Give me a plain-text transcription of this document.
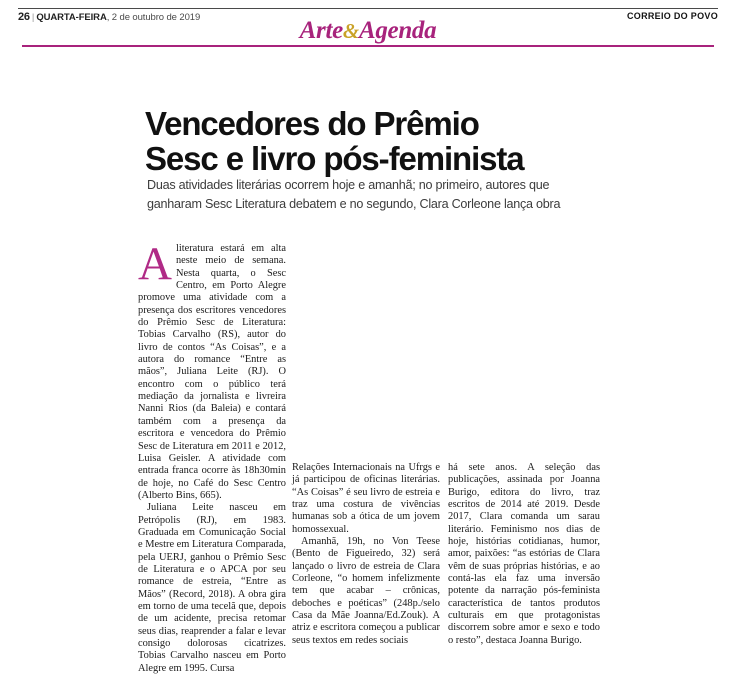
26 | QUARTA-FEIRA, 2 de outubro de 2019	CORREIO DO POVO
Arte&Agenda
Vencedores do Prêmio
Sesc e livro pós-feminista
Duas atividades literárias ocorrem hoje e amanhã; no primeiro, autores que
ganharam Sesc Literatura debatem e no segundo, Clara Corleone lança obra

Aliteratura estará em alta neste meio de semana. Nesta quarta, o Sesc Centro, em Porto Alegre promove uma atividade com a presença dos escritores vencedores do Prêmio Sesc de Literatura: Tobias Carvalho (RS), autor do livro de contos “As Coisas”, e a autora do romance “Entre as mãos”, Juliana Leite (RJ). O encontro com o público terá mediação da jornalista e livreira Nanni Rios (da Baleia) e contará também com a presença da escritora e vencedora do Prêmio Sesc de Literatura em 2011 e 2012, Luisa Geisler. A atividade com entrada franca ocorre às 18h30min de hoje, no Café do Sesc Centro (Alberto Bins, 665).

Juliana Leite nasceu em Petrópolis (RJ), em 1983. Graduada em Comunicação Social e Mestre em Literatura Comparada, pela UERJ, ganhou o Prêmio Sesc de Literatura e o APCA por seu romance de estreia, “Entre as Mãos” (Record, 2018). A obra gira em torno de uma tecelã que, depois de um acidente, precisa retomar seus dias, reaprender a falar e levar consigo dolorosas cicatrizes. Tobias Carvalho nasceu em Porto Alegre em 1995. Cursa

Relações Internacionais na Ufrgs e já participou de oficinas literárias. “As Coisas” é seu livro de estreia e traz uma costura de vivências humanas sob a ótica de um jovem homossexual.

Amanhã, 19h, no Von Teese (Bento de Figueiredo, 32) será lançado o livro de estreia de Clara Corleone, “o homem infelizmente tem que acabar – crônicas, deboches e poéticas” (248p./selo Casa da Mãe Joanna/Ed.Zouk). A atriz e escritora começou a publicar seus textos em redes sociais

há sete anos. A seleção das publicações, assinada por Joanna Burigo, editora do livro, traz escritos de 2014 até 2019. Desde 2017, Clara comanda um sarau literário. Feminismo nos dias de hoje, histórias cotidianas, humor, amor, paixões: “as estórias de Clara vêm de suas próprias histórias, e ao contá-las ela faz uma inversão potente da narração pós-feminista característica de tantos produtos culturais em que protagonistas discorrem sobre amor e sexo e todo o resto”, destaca Joanna Burigo.
